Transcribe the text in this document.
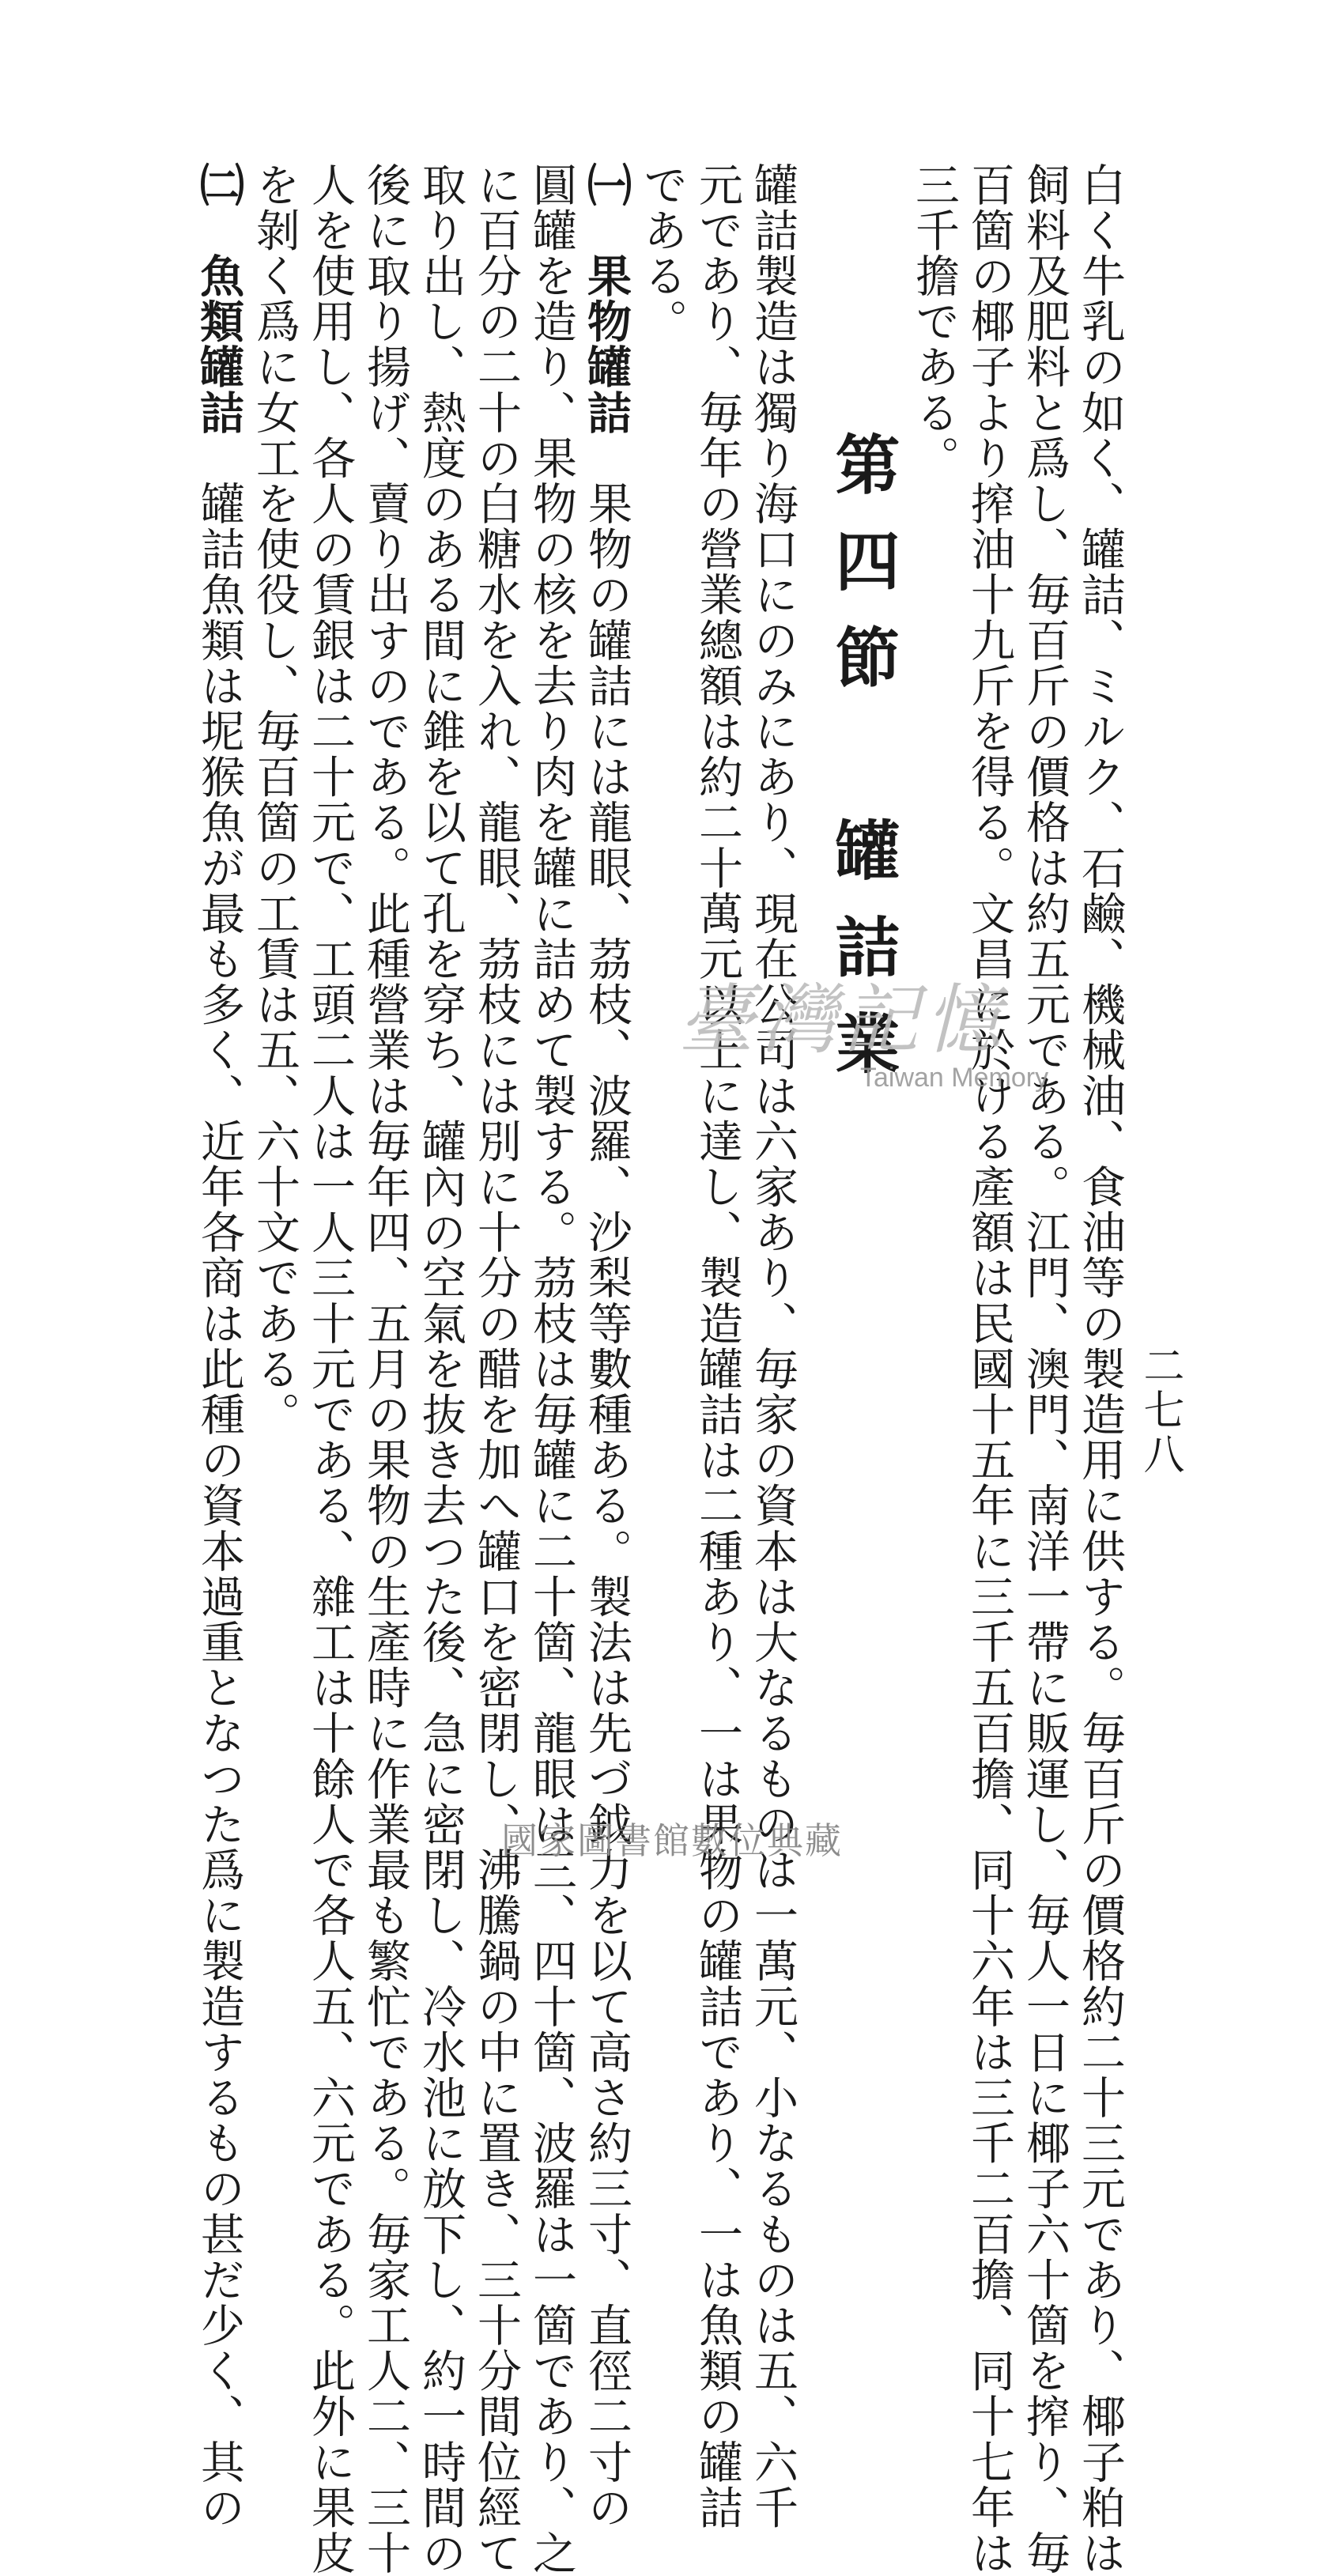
二七八
白く牛乳の如く、罐詰、ミルク、石鹼、機械油、食油等の製造用に供する。毎百斤の價格約二十三元であり、椰子粕は
飼料及肥料と爲し、毎百斤の價格は約五元である。江門、澳門、南洋一帶に販運し、毎人一日に椰子六十箇を搾り、毎
百箇の椰子より搾油十九斤を得る。文昌に於ける產額は民國十五年に三千五百擔、同十六年は三千二百擔、同十七年は
三千擔である。
第四節　罐詰業
罐詰製造は獨り海口にのみにあり、現在公司は六家あり、毎家の資本は大なるものは一萬元、小なるものは五、六千
元であり、毎年の營業總額は約二十萬元以上に達し、製造罐詰は二種あり、一は果物の罐詰であり、一は魚類の罐詰
である。
㈠　果物罐詰　果物の罐詰には龍眼、茘枝、波羅、沙梨等數種ある。製法は先づ鉞力を以て高さ約三寸、直徑二寸の
圓罐を造り、果物の核を去り肉を罐に詰めて製する。茘枝は毎罐に二十箇、龍眼は三、四十箇、波羅は一箇であり、之
に百分の二十の白糖水を入れ、龍眼、茘枝には別に十分の醋を加へ罐口を密閉し、沸騰鍋の中に置き、三十分間位經て
取り出し、熱度のある間に錐を以て孔を穿ち、罐內の空氣を抜き去つた後、急に密閉し、冷水池に放下し、約一時間の
後に取り揚げ、賣り出すのである。此種營業は毎年四、五月の果物の生產時に作業最も繁忙である。毎家工人二、三十
人を使用し、各人の賃銀は二十元で、工頭二人は一人三十元である、雜工は十餘人で各人五、六元である。此外に果皮
を剝く爲に女工を使役し、毎百箇の工賃は五、六十文である。
㈡　魚類罐詰　罐詰魚類は坭猴魚が最も多く、近年各商は此種の資本過重となつた爲に製造するもの甚だ少く、其の	臺灣記憶
Taiwan Memory
國家圖書館數位典藏
